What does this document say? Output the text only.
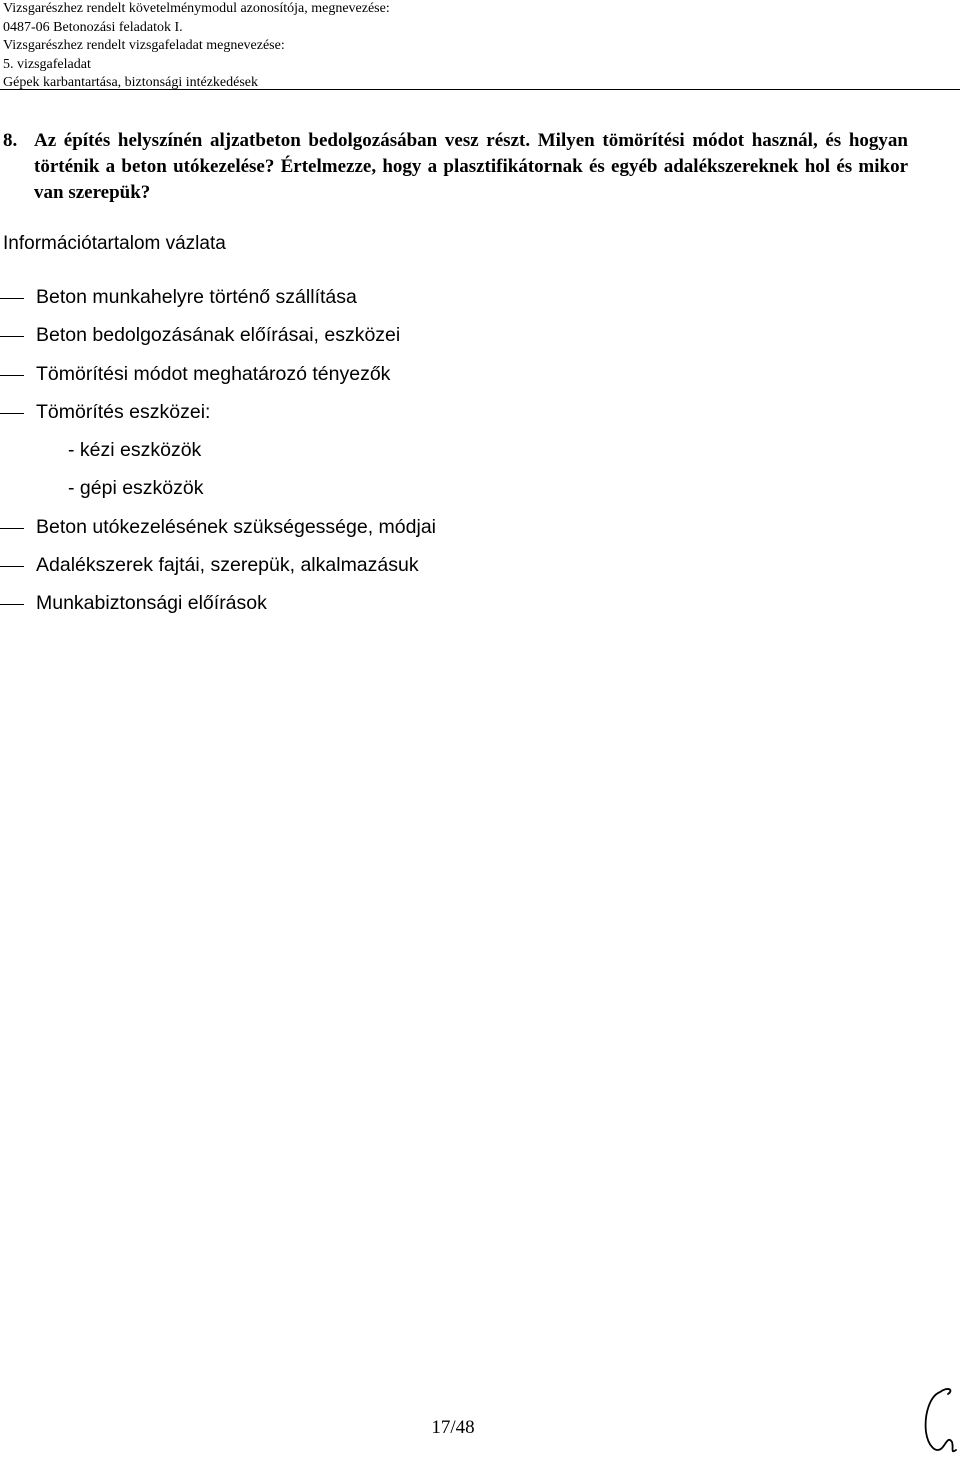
Vizsgarészhez rendelt követelménymodul azonosítója, megnevezése:
0487-06 Betonozási feladatok I.
Vizsgarészhez rendelt vizsgafeladat megnevezése:
5. vizsgafeladat
Gépek karbantartása, biztonsági intézkedések
8. Az építés helyszínén aljzatbeton bedolgozásában vesz részt. Milyen tömörítési módot használ, és hogyan történik a beton utókezelése? Értelmezze, hogy a plasztifikátornak és egyéb adalékszereknek hol és mikor van szerepük?
Információtartalom vázlata
Beton munkahelyre történő szállítása
Beton bedolgozásának előírásai, eszközei
Tömörítési módot meghatározó tényezők
Tömörítés eszközei:
- kézi eszközök
- gépi eszközök
Beton utókezelésének szükségessége, módjai
Adalékszerek fajtái, szerepük, alkalmazásuk
Munkabiztonsági előírások
17/48
